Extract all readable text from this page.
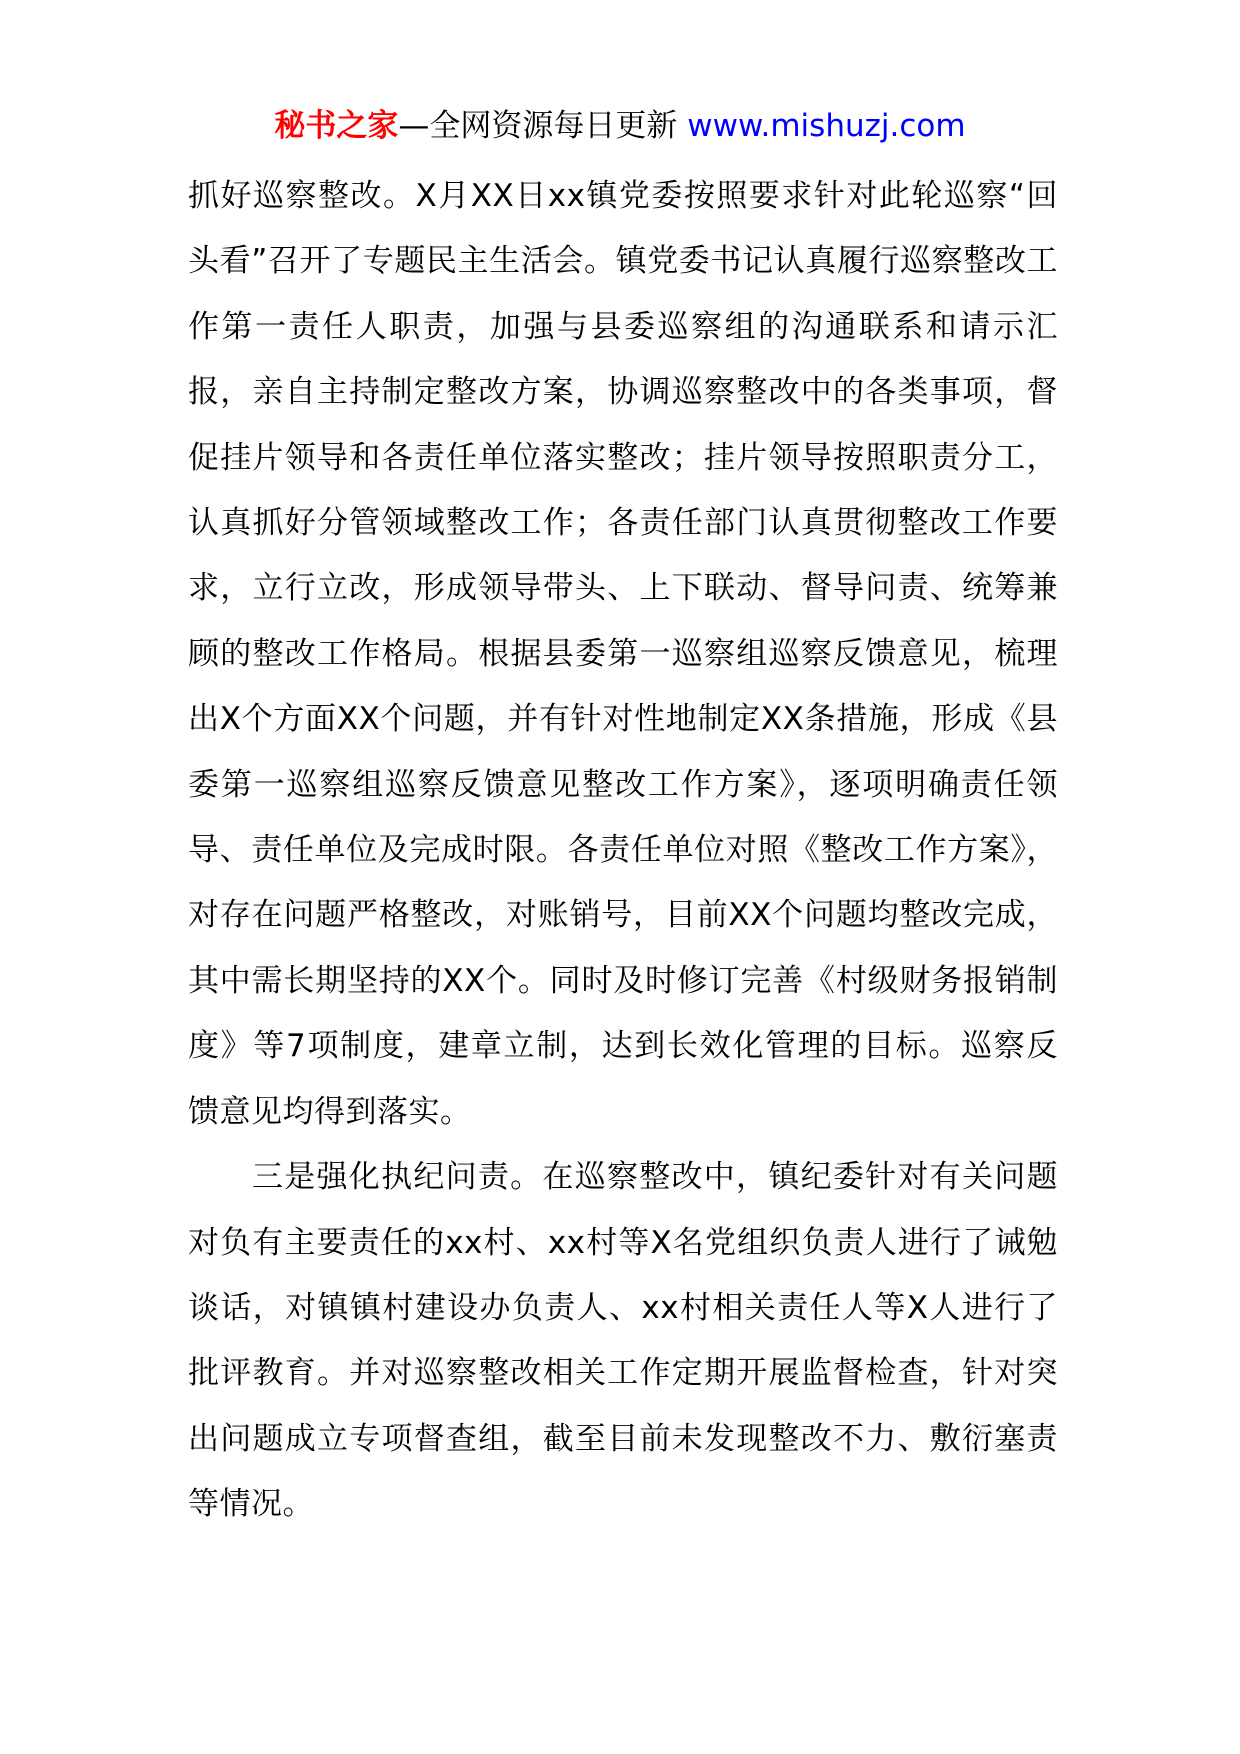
秘书之家—全网资源每日更新 www.mishuzj.com

抓好巡察整改。X月XX日xx镇党委按照要求针对此轮巡察“回头看”召开了专题民主生活会。镇党委书记认真履行巡察整改工作第一责任人职责，加强与县委巡察组的沟通联系和请示汇报，亲自主持制定整改方案，协调巡察整改中的各类事项，督促挂片领导和各责任单位落实整改；挂片领导按照职责分工，认真抓好分管领域整改工作；各责任部门认真贯彻整改工作要求，立行立改，形成领导带头、上下联动、督导问责、统筹兼顾的整改工作格局。根据县委第一巡察组巡察反馈意见，梳理出X个方面XX个问题，并有针对性地制定XX条措施，形成《县委第一巡察组巡察反馈意见整改工作方案》，逐项明确责任领导、责任单位及完成时限。各责任单位对照《整改工作方案》，对存在问题严格整改，对账销号，目前XX个问题均整改完成，其中需长期坚持的XX个。同时及时修订完善《村级财务报销制度》等7项制度，建章立制，达到长效化管理的目标。巡察反馈意见均得到落实。

三是强化执纪问责。在巡察整改中，镇纪委针对有关问题对负有主要责任的xx村、xx村等X名党组织负责人进行了诫勉谈话，对镇镇村建设办负责人、xx村相关责任人等X人进行了批评教育。并对巡察整改相关工作定期开展监督检查，针对突出问题成立专项督查组，截至目前未发现整改不力、敷衍塞责等情况。
